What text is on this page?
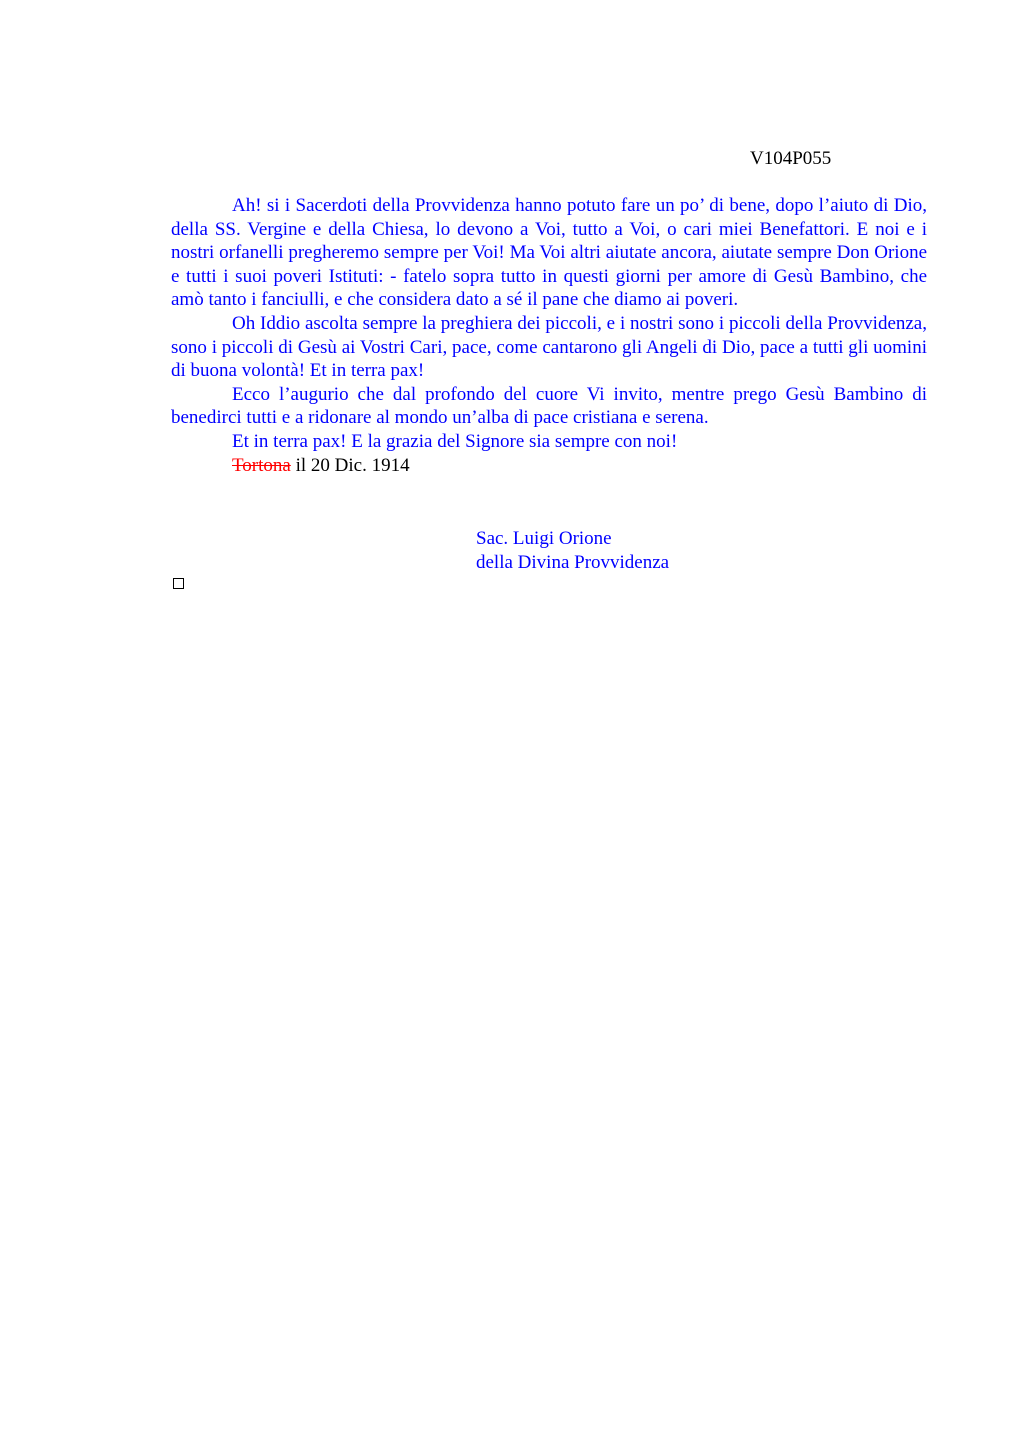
V104P055

Ah! si i Sacerdoti della Provvidenza hanno potuto fare un po’ di bene, dopo l’aiuto di Dio, della SS. Vergine e della Chiesa, lo devono a Voi, tutto a Voi, o cari miei Benefattori. E noi e i nostri orfanelli pregheremo sempre per Voi! Ma Voi altri aiutate ancora, aiutate sempre Don Orione e tutti i suoi poveri Istituti: - fatelo sopra tutto in questi giorni per amore di Gesù Bambino, che amò tanto i fanciulli, e che considera dato a sé il pane che diamo ai poveri.

Oh Iddio ascolta sempre la preghiera dei piccoli, e i nostri sono i piccoli della Provvidenza, sono i piccoli di Gesù ai Vostri Cari, pace, come cantarono gli Angeli di Dio, pace a tutti gli uomini di buona volontà! Et in terra pax!

Ecco l’augurio che dal profondo del cuore Vi invito, mentre prego Gesù Bambino di benedirci tutti e a ridonare al mondo un’alba di pace cristiana e serena.

Et in terra pax! E la grazia del Signore sia sempre con noi!

Tortona il 20 Dic. 1914

Sac. Luigi Orione
della Divina Provvidenza
